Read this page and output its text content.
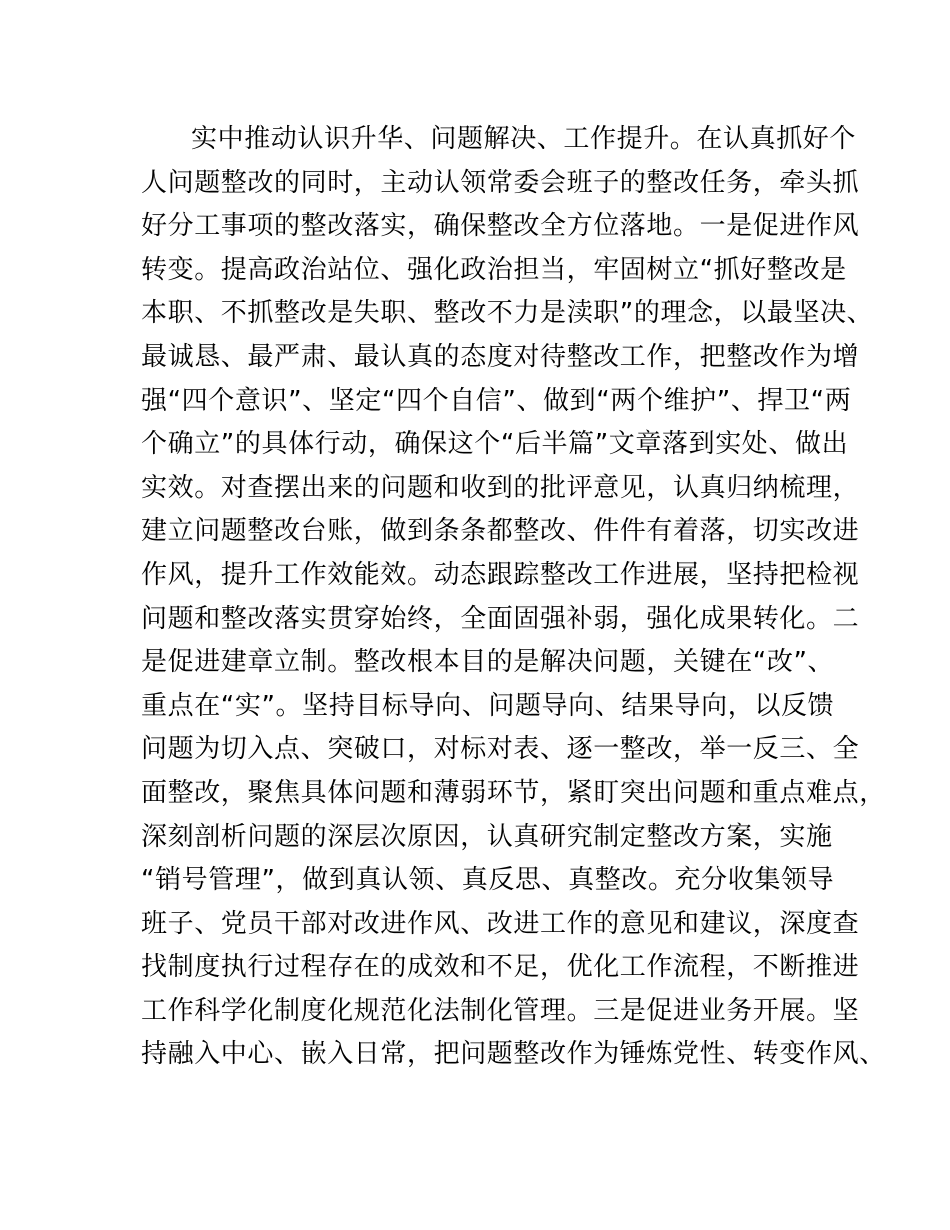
实中推动认识升华、问题解决、工作提升。在认真抓好个
人问题整改的同时，主动认领常委会班子的整改任务，牵头抓
好分工事项的整改落实，确保整改全方位落地。一是促进作风
转变。提高政治站位、强化政治担当，牢固树立“抓好整改是
本职、不抓整改是失职、整改不力是渎职”的理念，以最坚决、
最诚恳、最严肃、最认真的态度对待整改工作，把整改作为增
强“四个意识”、坚定“四个自信”、做到“两个维护”、捍卫“两
个确立”的具体行动，确保这个“后半篇”文章落到实处、做出
实效。对查摆出来的问题和收到的批评意见，认真归纳梳理，
建立问题整改台账，做到条条都整改、件件有着落，切实改进
作风，提升工作效能效。动态跟踪整改工作进展，坚持把检视
问题和整改落实贯穿始终，全面固强补弱，强化成果转化。二
是促进建章立制。整改根本目的是解决问题，关键在“改”、
重点在“实”。坚持目标导向、问题导向、结果导向，以反馈
问题为切入点、突破口，对标对表、逐一整改，举一反三、全
面整改，聚焦具体问题和薄弱环节，紧盯突出问题和重点难点，
深刻剖析问题的深层次原因，认真研究制定整改方案，实施
“销号管理”，做到真认领、真反思、真整改。充分收集领导
班子、党员干部对改进作风、改进工作的意见和建议，深度查
找制度执行过程存在的成效和不足，优化工作流程，不断推进
工作科学化制度化规范化法制化管理。三是促进业务开展。坚
持融入中心、嵌入日常，把问题整改作为锤炼党性、转变作风、
